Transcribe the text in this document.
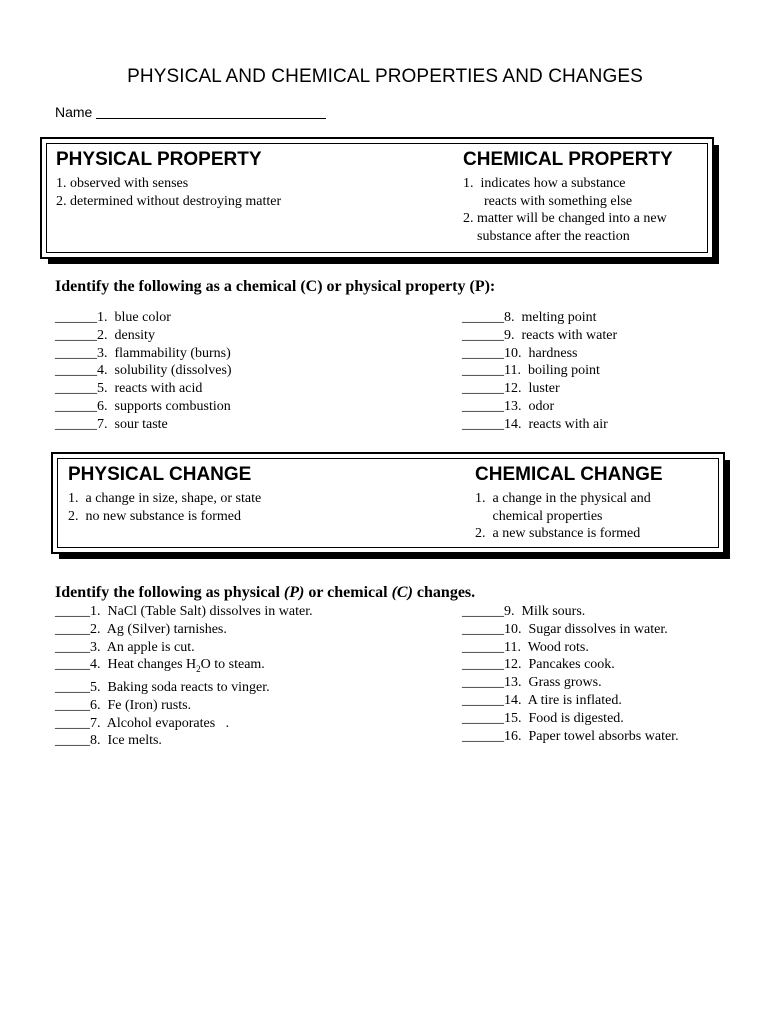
PHYSICAL AND CHEMICAL PROPERTIES AND CHANGES
Name
PHYSICAL PROPERTY
1. observed with senses
2. determined without destroying matter
CHEMICAL PROPERTY
1.  indicates how a substance
reacts with something else
2. matter will be changed into a new
substance after the reaction
Identify the following as a chemical (C) or physical property (P):
______1.  blue color
______2.  density
______3.  flammability (burns)
______4.  solubility (dissolves)
______5.  reacts with acid
______6.  supports combustion
______7.  sour taste
______8.  melting point
______9.  reacts with water
______10.  hardness
______11.  boiling point
______12.  luster
______13.  odor
______14.  reacts with air
PHYSICAL CHANGE
1.  a change in size, shape, or state
2.  no new substance is formed
CHEMICAL CHANGE
1.  a change in the physical and
chemical properties
2.  a new substance is formed
Identify the following as physical (P) or chemical (C) changes.
_____1.  NaCl (Table Salt) dissolves in water.
_____2.  Ag (Silver) tarnishes.
_____3.  An apple is cut.
_____4.  Heat changes $H_2O$ to steam.
_____5.  Baking soda reacts to vinger.
_____6.  Fe (Iron) rusts.
_____7.  Alcohol evaporates   .
_____8.  Ice melts.
______9.  Milk sours.
______10.  Sugar dissolves in water.
______11.  Wood rots.
______12.  Pancakes cook.
______13.  Grass grows.
______14.  A tire is inflated.
______15.  Food is digested.
______16.  Paper towel absorbs water.
